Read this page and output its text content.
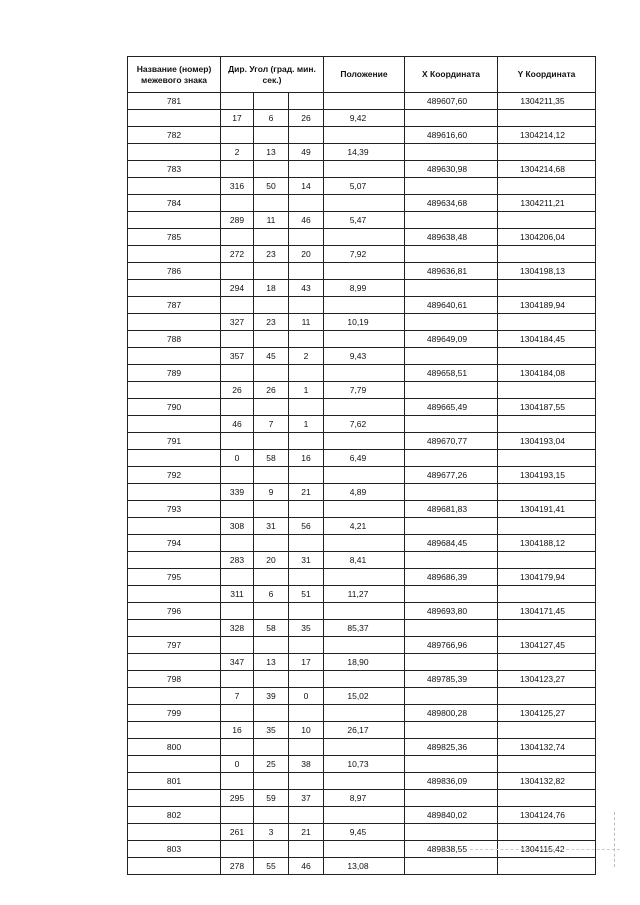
Название (номер) межевого знака	Дир. Угол (град. мин. сек.)			Положение	X Координата	Y Координата
781					489607,60	1304211,35
	17	6	26	9,42		
782					489616,60	1304214,12
	2	13	49	14,39		
783					489630,98	1304214,68
	316	50	14	5,07		
784					489634,68	1304211,21
	289	11	46	5,47		
785					489638,48	1304206,04
	272	23	20	7,92		
786					489636,81	1304198,13
	294	18	43	8,99		
787					489640,61	1304189,94
	327	23	11	10,19		
788					489649,09	1304184,45
	357	45	2	9,43		
789					489658,51	1304184,08
	26	26	1	7,79		
790					489665,49	1304187,55
	46	7	1	7,62		
791					489670,77	1304193,04
	0	58	16	6,49		
792					489677,26	1304193,15
	339	9	21	4,89		
793					489681,83	1304191,41
	308	31	56	4,21		
794					489684,45	1304188,12
	283	20	31	8,41		
795					489686,39	1304179,94
	311	6	51	11,27		
796					489693,80	1304171,45
	328	58	35	85,37		
797					489766,96	1304127,45
	347	13	17	18,90		
798					489785,39	1304123,27
	7	39	0	15,02		
799					489800,28	1304125,27
	16	35	10	26,17		
800					489825,36	1304132,74
	0	25	38	10,73		
801					489836,09	1304132,82
	295	59	37	8,97		
802					489840,02	1304124,76
	261	3	21	9,45		
803					489838,55	1304115,42
	278	55	46	13,08		
